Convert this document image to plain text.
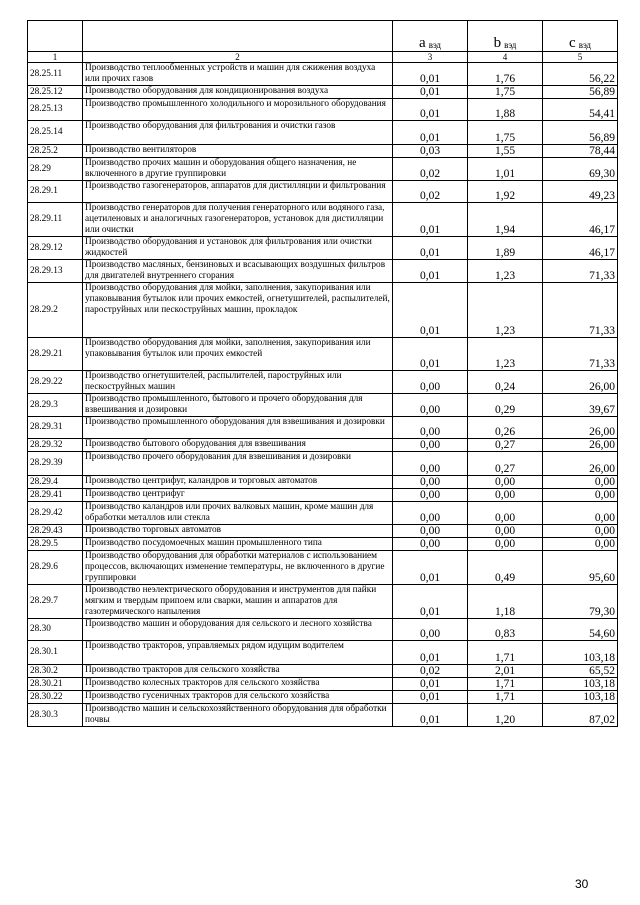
		a $_{вэд}$	b $_{вэд}$	c $_{вэд}$
1	2	3	4	5
28.25.11	Производство теплообменных устройств и машин для сжижения воздуха или прочих газов	0,01	1,76	56,22
28.25.12	Производство оборудования для кондиционирования воздуха	0,01	1,75	56,89
28.25.13	Производство промышленного холодильного и морозильного оборудования	0,01	1,88	54,41
28.25.14	Производство оборудования для фильтрования и очистки газов	0,01	1,75	56,89
28.25.2	Производство вентиляторов	0,03	1,55	78,44
28.29	Производство прочих машин и оборудования общего назначения, не включенного в другие группировки	0,02	1,01	69,30
28.29.1	Производство газогенераторов, аппаратов для дистилляции и фильтрования	0,02	1,92	49,23
28.29.11	Производство генераторов для получения генераторного или водяного газа, ацетиленовых и аналогичных газогенераторов, установок для дистилляции или очистки	0,01	1,94	46,17
28.29.12	Производство оборудования и установок для фильтрования или очистки жидкостей	0,01	1,89	46,17
28.29.13	Производство масляных, бензиновых и всасывающих воздушных фильтров для двигателей внутреннего сгорания	0,01	1,23	71,33
28.29.2	Производство оборудования для мойки, заполнения, закупоривания или упаковывания бутылок или прочих емкостей, огнетушителей, распылителей, пароструйных или пескоструйных машин, прокладок	0,01	1,23	71,33
28.29.21	Производство оборудования для мойки, заполнения, закупоривания или упаковывания бутылок или прочих емкостей	0,01	1,23	71,33
28.29.22	Производство огнетушителей, распылителей, пароструйных или пескоструйных машин	0,00	0,24	26,00
28.29.3	Производство промышленного, бытового и прочего оборудования для взвешивания и дозировки	0,00	0,29	39,67
28.29.31	Производство промышленного оборудования для взвешивания и дозировки	0,00	0,26	26,00
28.29.32	Производство бытового оборудования для взвешивания	0,00	0,27	26,00
28.29.39	Производство прочего оборудования для взвешивания и дозировки	0,00	0,27	26,00
28.29.4	Производство центрифуг, каландров и торговых автоматов	0,00	0,00	0,00
28.29.41	Производство центрифуг	0,00	0,00	0,00
28.29.42	Производство каландров или прочих валковых машин, кроме машин для обработки металлов или стекла	0,00	0,00	0,00
28.29.43	Производство торговых автоматов	0,00	0,00	0,00
28.29.5	Производство посудомоечных машин промышленного типа	0,00	0,00	0,00
28.29.6	Производство оборудования для обработки материалов с использованием процессов, включающих изменение температуры, не включенного в другие группировки	0,01	0,49	95,60
28.29.7	Производство неэлектрического оборудования и инструментов для пайки мягким и твердым припоем или сварки, машин и аппаратов для газотермического напыления	0,01	1,18	79,30
28.30	Производство машин и оборудования для сельского и лесного хозяйства	0,00	0,83	54,60
28.30.1	Производство тракторов, управляемых рядом идущим водителем	0,01	1,71	103,18
28.30.2	Производство тракторов для сельского хозяйства	0,02	2,01	65,52
28.30.21	Производство колесных тракторов для сельского хозяйства	0,01	1,71	103,18
28.30.22	Производство гусеничных тракторов для сельского хозяйства	0,01	1,71	103,18
28.30.3	Производство машин и сельскохозяйственного оборудования для обработки почвы	0,01	1,20	87,02
30
